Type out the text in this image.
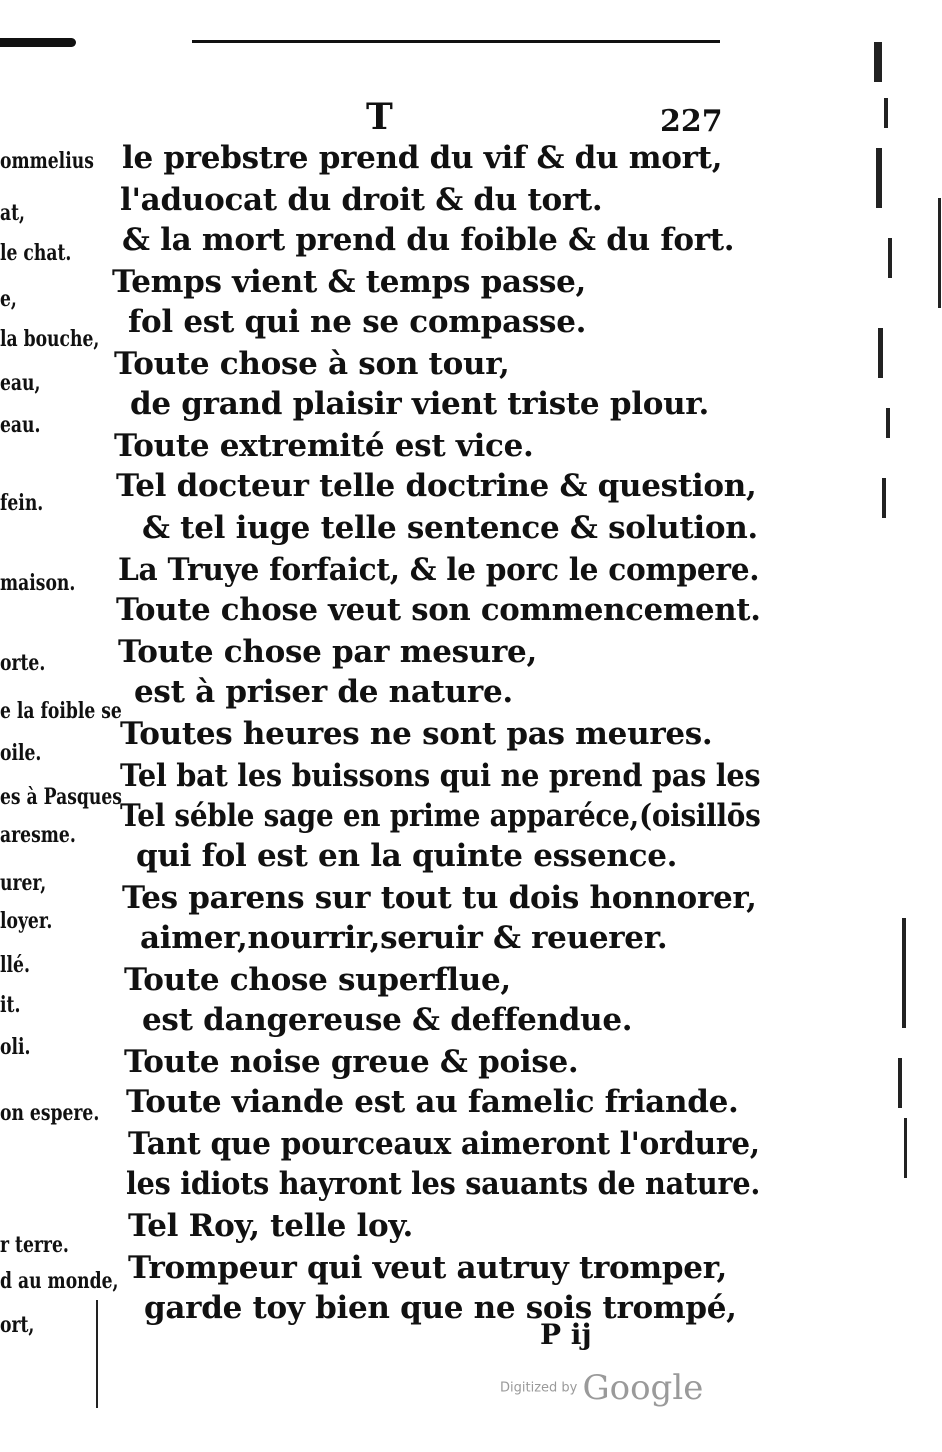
T	227
le prebstre prend du vif & du mort,
l'aduocat du droit & du tort.
& la mort prend du foible & du fort.
Temps vient & temps passe,
fol est qui ne se compasse.
Toute chose à son tour,
de grand plaisir vient triste plour.
Toute extremité est vice.
Tel docteur telle doctrine & question,
& tel iuge telle sentence & solution.
La Truye forfaict, & le porc le compere.
Toute chose veut son commencement.
Toute chose par mesure,
est à priser de nature.
Toutes heures ne sont pas meures.
Tel bat les buissons qui ne prend pas les
Tel séble sage en prime apparéce,(oisillōs
qui fol est en la quinte essence.
Tes parens sur tout tu dois honnorer,
aimer,nourrir,seruir & reuerer.
Toute chose superflue,
est dangereuse & deffendue.
Toute noise greue & poise.
Toute viande est au famelic friande.
Tant que pourceaux aimeront l'ordure,
les idiots hayront les sauants de nature.
Tel Roy, telle loy.
Trompeur qui veut autruy tromper,
garde toy bien que ne sois trompé,
P ij
ommelius
at,
le chat.
e,
la bouche,
eau,
eau.
fein.
maison.
orte.
e la foible se
oile.
es à Pasques
aresme.
urer,
loyer.
llé.
it.
oli.
on espere.
r terre.
d au monde,
ort,
Digitized by Google
